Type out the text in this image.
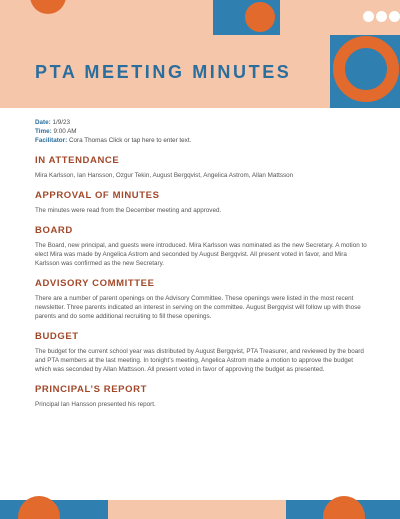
PTA MEETING MINUTES
Date: 1/9/23
Time: 9:00 AM
Facilitator: Cora Thomas Click or tap here to enter text.
IN ATTENDANCE
Mira Karlsson, Ian Hansson, Ozgur Tekin, August Bergqvist, Angelica Astrom, Allan Mattsson
APPROVAL OF MINUTES
The minutes were read from the December meeting and approved.
BOARD
The Board, new principal, and guests were introduced. Mira Karlsson was nominated as the new Secretary. A motion to elect Mira was made by Angelica Astrom and seconded by August Bergqvist. All present voted in favor, and Mira Karlsson was confirmed as the new Secretary.
ADVISORY COMMITTEE
There are a number of parent openings on the Advisory Committee. These openings were listed in the most recent newsletter. Three parents indicated an interest in serving on the committee. August Bergqvist will follow up with those parents and do some additional recruiting to fill these openings.
BUDGET
The budget for the current school year was distributed by August Bergqvist, PTA Treasurer, and reviewed by the board and PTA members at the last meeting. In tonight’s meeting, Angelica Astrom made a motion to approve the budget which was seconded by Allan Mattsson. All present voted in favor of approving the budget as presented.
PRINCIPAL’S REPORT
Principal Ian Hansson presented his report.
